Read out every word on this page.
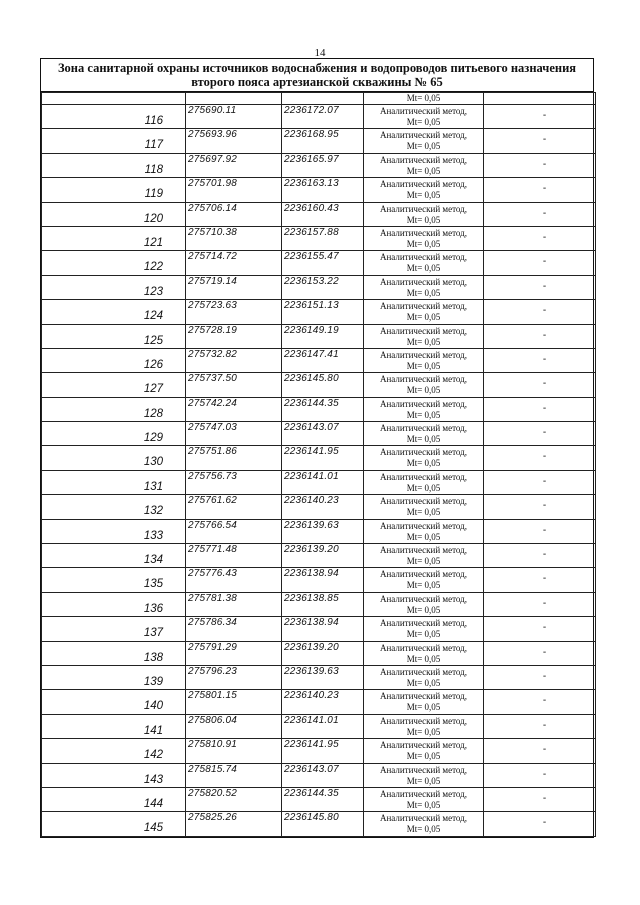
14
Зона санитарной охраны источников водоснабжения и водопроводов питьевого назначения второго пояса артезианской скважины № 65

			Mt= 0,05	

116	275690.11	2236172.07	Аналитический метод,
Mt= 0,05	-

117	275693.96	2236168.95	Аналитический метод,
Mt= 0,05	-

118	275697.92	2236165.97	Аналитический метод,
Mt= 0,05	-

119	275701.98	2236163.13	Аналитический метод,
Mt= 0,05	-

120	275706.14	2236160.43	Аналитический метод,
Mt= 0,05	-

121	275710.38	2236157.88	Аналитический метод,
Mt= 0,05	-

122	275714.72	2236155.47	Аналитический метод,
Mt= 0,05	-

123	275719.14	2236153.22	Аналитический метод,
Mt= 0,05	-

124	275723.63	2236151.13	Аналитический метод,
Mt= 0,05	-

125	275728.19	2236149.19	Аналитический метод,
Mt= 0,05	-

126	275732.82	2236147.41	Аналитический метод,
Mt= 0,05	-

127	275737.50	2236145.80	Аналитический метод,
Mt= 0,05	-

128	275742.24	2236144.35	Аналитический метод,
Mt= 0,05	-

129	275747.03	2236143.07	Аналитический метод,
Mt= 0,05	-

130	275751.86	2236141.95	Аналитический метод,
Mt= 0,05	-

131	275756.73	2236141.01	Аналитический метод,
Mt= 0,05	-

132	275761.62	2236140.23	Аналитический метод,
Mt= 0,05	-

133	275766.54	2236139.63	Аналитический метод,
Mt= 0,05	-

134	275771.48	2236139.20	Аналитический метод,
Mt= 0,05	-

135	275776.43	2236138.94	Аналитический метод,
Mt= 0,05	-

136	275781.38	2236138.85	Аналитический метод,
Mt= 0,05	-

137	275786.34	2236138.94	Аналитический метод,
Mt= 0,05	-

138	275791.29	2236139.20	Аналитический метод,
Mt= 0,05	-

139	275796.23	2236139.63	Аналитический метод,
Mt= 0,05	-

140	275801.15	2236140.23	Аналитический метод,
Mt= 0,05	-

141	275806.04	2236141.01	Аналитический метод,
Mt= 0,05	-

142	275810.91	2236141.95	Аналитический метод,
Mt= 0,05	-

143	275815.74	2236143.07	Аналитический метод,
Mt= 0,05	-

144	275820.52	2236144.35	Аналитический метод,
Mt= 0,05	-

145	275825.26	2236145.80	Аналитический метод,
Mt= 0,05	-
